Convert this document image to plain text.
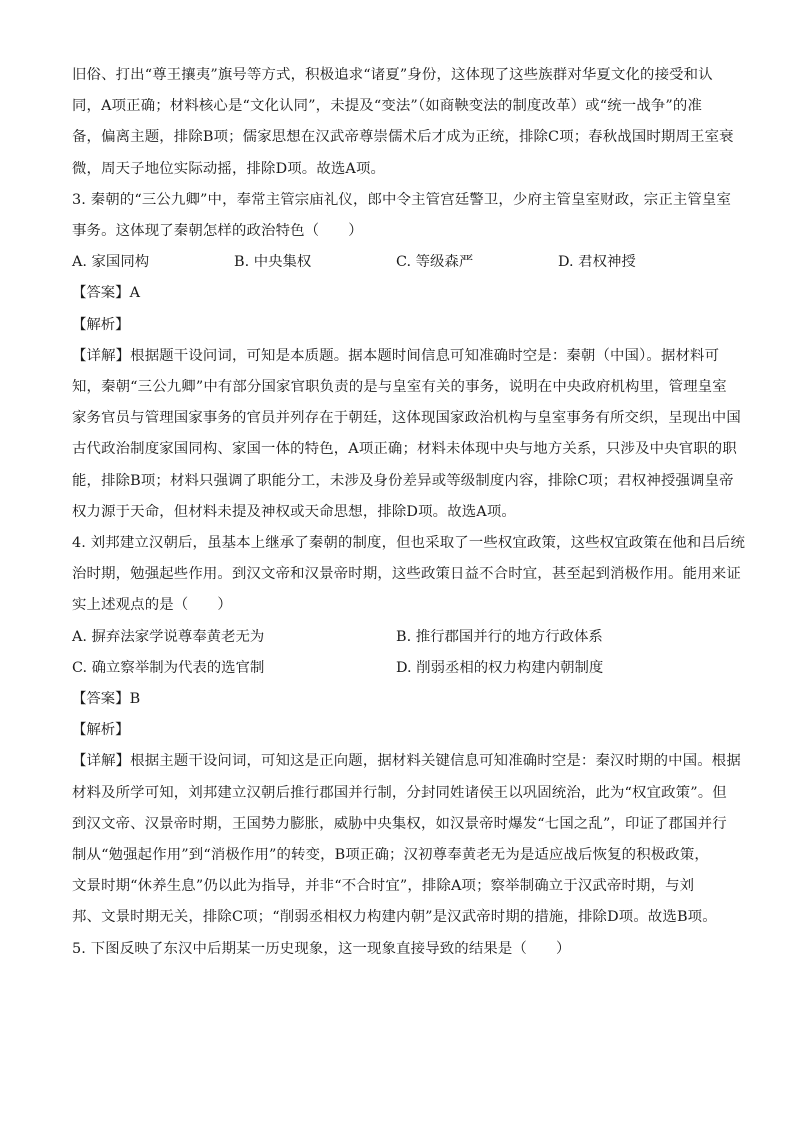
旧俗、打出“尊王攘夷”旗号等方式，积极追求“诸夏”身份，这体现了这些族群对华夏文化的接受和认
同，A项正确；材料核心是“文化认同”，未提及“变法”（如商鞅变法的制度改革）或“统一战争”的准
备，偏离主题，排除B项；儒家思想在汉武帝尊崇儒术后才成为正统，排除C项；春秋战国时期周王室衰
微，周天子地位实际动摇，排除D项。故选A项。
3. 秦朝的“三公九卿”中，奉常主管宗庙礼仪，郎中令主管宫廷警卫，少府主管皇室财政，宗正主管皇室
事务。这体现了秦朝怎样的政治特色（　　）
A. 家国同构	B. 中央集权	C. 等级森严	D. 君权神授
【答案】A
【解析】
【详解】根据题干设问词，可知是本质题。据本题时间信息可知准确时空是：秦朝（中国）。据材料可
知，秦朝“三公九卿”中有部分国家官职负责的是与皇室有关的事务，说明在中央政府机构里，管理皇室
家务官员与管理国家事务的官员并列存在于朝廷，这体现国家政治机构与皇室事务有所交织，呈现出中国
古代政治制度家国同构、家国一体的特色，A项正确；材料未体现中央与地方关系，只涉及中央官职的职
能，排除B项；材料只强调了职能分工，未涉及身份差异或等级制度内容，排除C项；君权神授强调皇帝
权力源于天命，但材料未提及神权或天命思想，排除D项。故选A项。
4. 刘邦建立汉朝后，虽基本上继承了秦朝的制度，但也采取了一些权宜政策，这些权宜政策在他和吕后统
治时期，勉强起些作用。到汉文帝和汉景帝时期，这些政策日益不合时宜，甚至起到消极作用。能用来证
实上述观点的是（　　）
A. 摒弃法家学说尊奉黄老无为	B. 推行郡国并行的地方行政体系
C. 确立察举制为代表的选官制	D. 削弱丞相的权力构建内朝制度
【答案】B
【解析】
【详解】根据主题干设问词，可知这是正向题，据材料关键信息可知准确时空是：秦汉时期的中国。根据
材料及所学可知，刘邦建立汉朝后推行郡国并行制，分封同姓诸侯王以巩固统治，此为“权宜政策”。但
到汉文帝、汉景帝时期，王国势力膨胀，威胁中央集权，如汉景帝时爆发“七国之乱”，印证了郡国并行
制从“勉强起作用”到“消极作用”的转变，B项正确；汉初尊奉黄老无为是适应战后恢复的积极政策，
文景时期“休养生息”仍以此为指导，并非“不合时宜”，排除A项；察举制确立于汉武帝时期，与刘
邦、文景时期无关，排除C项；“削弱丞相权力构建内朝”是汉武帝时期的措施，排除D项。故选B项。
5. 下图反映了东汉中后期某一历史现象，这一现象直接导致的结果是（　　）
